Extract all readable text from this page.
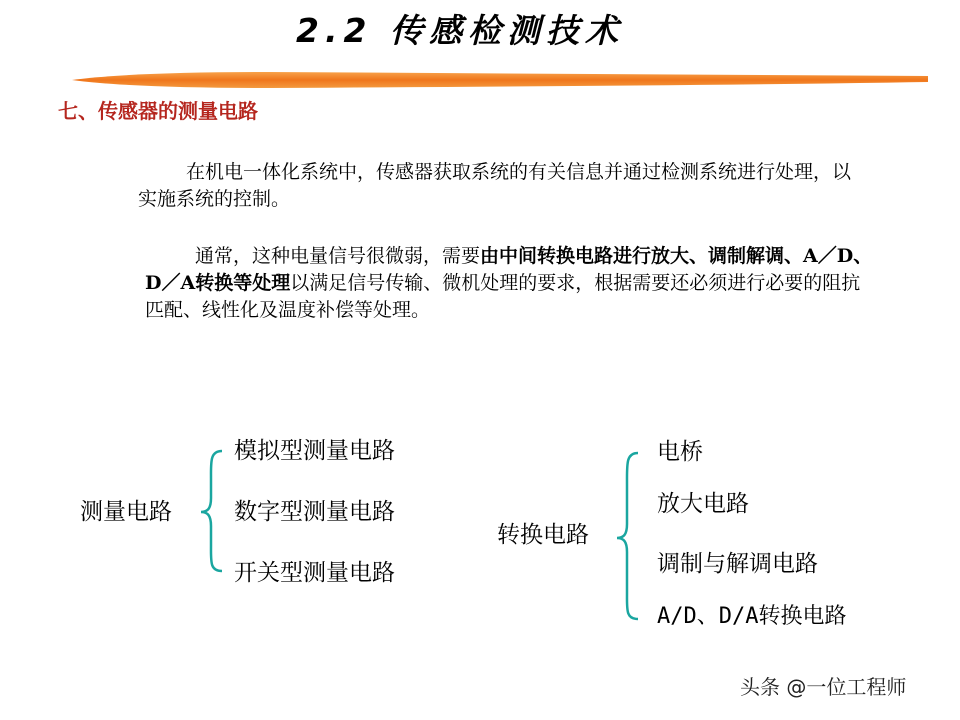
2.2 传感检测技术
七、传感器的测量电路

在机电一体化系统中，传感器获取系统的有关信息并通过检测系统进行处理，以实施系统的控制。

通常，这种电量信号很微弱，需要由中间转换电路进行放大、调制解调、A／D、D／A转换等处理以满足信号传输、微机处理的要求，根据需要还必须进行必要的阻抗匹配、线性化及温度补偿等处理。

测量电路
模拟型测量电路
数字型测量电路
开关型测量电路
转换电路
电桥
放大电路
调制与解调电路
A/D、D/A转换电路
头条 @一位工程师
